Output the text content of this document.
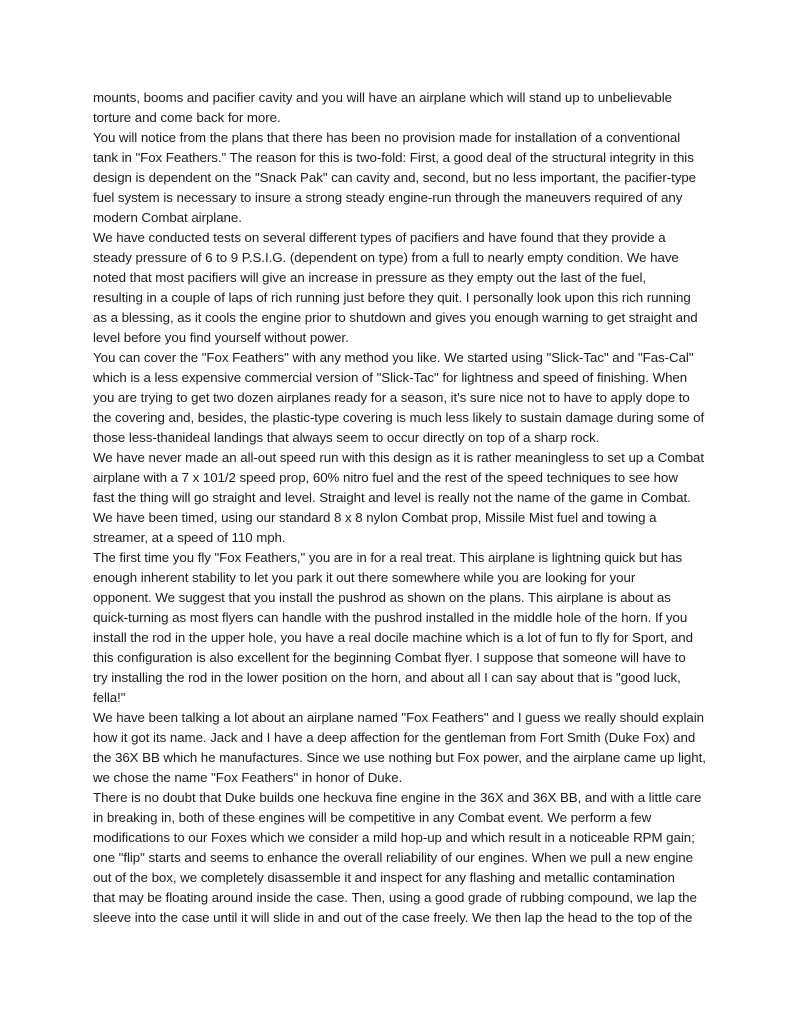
mounts, booms and pacifier cavity and you will have an airplane which will stand up to unbelievable
torture and come back for more.

You will notice from the plans that there has been no provision made for installation of a conventional
tank in "Fox Feathers." The reason for this is two-fold: First, a good deal of the structural integrity in this
design is dependent on the "Snack Pak" can cavity and, second, but no less important, the pacifier-type
fuel system is necessary to insure a strong steady engine-run through the maneuvers required of any
modern Combat airplane.

We have conducted tests on several different types of pacifiers and have found that they provide a
steady pressure of 6 to 9 P.S.I.G. (dependent on type) from a full to nearly empty condition. We have
noted that most pacifiers will give an increase in pressure as they empty out the last of the fuel,
resulting in a couple of laps of rich running just before they quit. I personally look upon this rich running
as a blessing, as it cools the engine prior to shutdown and gives you enough warning to get straight and
level before you find yourself without power.

You can cover the "Fox Feathers" with any method you like. We started using "Slick-Tac" and "Fas-Cal"
which is a less expensive commercial version of "Slick-Tac" for lightness and speed of finishing. When
you are trying to get two dozen airplanes ready for a season, it's sure nice not to have to apply dope to
the covering and, besides, the plastic-type covering is much less likely to sustain damage during some of
those less-thanideal landings that always seem to occur directly on top of a sharp rock.

We have never made an all-out speed run with this design as it is rather meaningless to set up a Combat
airplane with a 7 x 101/2 speed prop, 60% nitro fuel and the rest of the speed techniques to see how
fast the thing will go straight and level. Straight and level is really not the name of the game in Combat.
We have been timed, using our standard 8 x 8 nylon Combat prop, Missile Mist fuel and towing a
streamer, at a speed of 110 mph.

The first time you fly "Fox Feathers," you are in for a real treat. This airplane is lightning quick but has
enough inherent stability to let you park it out there somewhere while you are looking for your
opponent. We suggest that you install the pushrod as shown on the plans. This airplane is about as
quick-turning as most flyers can handle with the pushrod installed in the middle hole of the horn. If you
install the rod in the upper hole, you have a real docile machine which is a lot of fun to fly for Sport, and
this configuration is also excellent for the beginning Combat flyer. I suppose that someone will have to
try installing the rod in the lower position on the horn, and about all I can say about that is "good luck,
fella!"

We have been talking a lot about an airplane named "Fox Feathers" and I guess we really should explain
how it got its name. Jack and I have a deep affection for the gentleman from Fort Smith (Duke Fox) and
the 36X BB which he manufactures. Since we use nothing but Fox power, and the airplane came up light,
we chose the name "Fox Feathers" in honor of Duke.

There is no doubt that Duke builds one heckuva fine engine in the 36X and 36X BB, and with a little care
in breaking in, both of these engines will be competitive in any Combat event. We perform a few
modifications to our Foxes which we consider a mild hop-up and which result in a noticeable RPM gain;
one "flip" starts and seems to enhance the overall reliability of our engines. When we pull a new engine
out of the box, we completely disassemble it and inspect for any flashing and metallic contamination
that may be floating around inside the case. Then, using a good grade of rubbing compound, we lap the
sleeve into the case until it will slide in and out of the case freely. We then lap the head to the top of the
